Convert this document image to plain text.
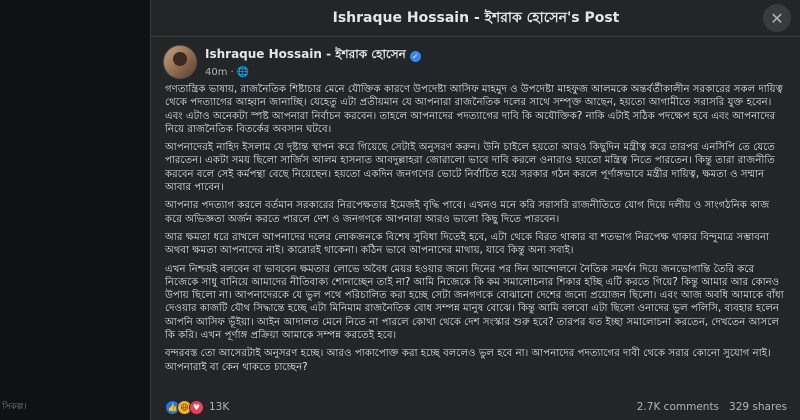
সিকল্প।
Ishraque Hossain - ইশরাক হোসেন's Post	✕
Ishraque Hossain - ইশরাক হোসেন ✓
40m · 🌐

গণতান্ত্রিক ভাষায়, রাজনৈতিক শিষ্টাচার মেনে যৌক্তিক কারণে উপদেষ্টা আসিফ মাহমুদ ও উপদেষ্টা মাহফুজ আলমকে অন্তর্বর্তীকালীন সরকারের সকল দায়িত্ব থেকে পদত্যাগের আহ্বান জানাচ্ছি। যেহেতু এটা প্রতীয়মান যে আপনারা রাজনৈতিক দলের সাথে সম্পৃক্ত আছেন, হয়তো আগামীতে সরাসরি যুক্ত হবেন। এবং এটাও অনেকটা স্পষ্ট আপনারা নির্বাচন করবেন। তাহলে আপনাদের পদত্যাগের দাবি কি অযৌক্তিক? নাকি এটাই সঠিক পদক্ষেপ হবে এবং আপনাদের নিয়ে রাজনৈতিক বিতর্কের অবসান ঘটবে।

আপনাদেরই নাহিদ ইসলাম যে দৃষ্টান্ত স্থাপন করে গিয়েছে সেটাই অনুসরণ করুন। উনি চাইলে হয়তো আরও কিছুদিন মন্ত্রীত্ব করে তারপর এনসিপি তে যেতে পারতেন। একটা সময় ছিলো সার্জিস আলম হাসনাত আবদুল্লাহরা জোরালো ভাবে দাবি করলে ওনারাও হয়তো মন্ত্রিত্ব নিতে পারতেন। কিন্তু তারা রাজনীতি করবেন বলে সেই কর্মপন্থা বেছে নিয়েছেন। হয়তো একদিন জনগণের ভোটে নির্বাচিত হয়ে সরকার গঠন করলে পূর্ণাঙ্গভাবে মন্ত্রীর দায়িত্ব, ক্ষমতা ও সম্মান আবার পাবেন।

আপনার পদত্যাগ করলে বর্তমান সরকারের নিরপেক্ষতার ইমেজই বৃদ্ধি পাবে। এখনও মনে করি সরাসরি রাজনীতিতে যোগ দিয়ে দলীয় ও সাংগঠনিক কাজ করে অভিজ্ঞতা অর্জন করতে পারলে দেশ ও জনগণকে আপনারা আরও ভালো কিছু দিতে পারবেন।

আর ক্ষমতা ধরে রাখলে আপনাদের দলের লোকজনকে বিশেষ সুবিধা দিতেই হবে, এটা থেকে বিরত থাকার বা শতভাগ নিরপেক্ষ থাকার বিন্দুমাত্র সম্ভাবনা অথবা ক্ষমতা আপনাদের নাই। কারোরই থাকেনা। কঠিন ভাবে আপনাদের মাথায়, যাবে কিন্তু অন্য সবাই।

এখন নিশ্চয়ই বলবেন বা ভাববেন ক্ষমতার লোভে অবৈধ মেয়র হওয়ার জন্যে দিনের পর দিন আন্দোলনে নৈতিক সমর্থন দিয়ে জনভোগান্তি তৈরি করে নিজেকে সাধু বানিয়ে আমাদের নীতিবাক্য শোনাচ্ছেন তাই না? আমি নিজেকে কি কম সমালোচনার শিকার হচ্ছি এটি করতে গিয়ে? কিন্তু আমার আর কোনও উপায় ছিলো না। আপনাদেরকে যে ভুল পথে পরিচালিত করা হচ্ছে সেটা জনগণকে বোঝানো দেশের জন্যে প্রয়োজন ছিলো। এবং আজ অবধি আমাকে বাঁধা দেওয়ার কাজটি যৌথ সিদ্ধান্তে হচ্ছে এটা মিনিমাম রাজনৈতিক বোধ সম্পন্ন মানুষ বোঝে। কিন্তু আমি বলবো এটা ছিলো ওনাদের ভুল পলিসি, ব্যবহার হলেন আপনি আসিফ ভূঁইয়া। আইন আদালত মেনে নিতে না পারলে কোথা থেকে দেশ সংস্কার শুরু হবে? তারপর যত ইচ্ছা সমালোচনা করতেন, দেখতেন আসলে কি করি। এখন পূর্ণাঙ্গ প্রক্রিয়া আমাকে সম্পন্ন করতেই হবে।

বন্দরবস্ত তো আসেরটাই অনুসরণ হচ্ছে। আরও পাকাপোক্ত করা হচ্ছে বললেও ভুল হবে না। আপনাদের পদত্যাগের দাবী থেকে সরার কোনো সুযোগ নাই। আপনারাই বা কেন থাকতে চাচ্ছেন?

👍 😆 ♥ 13K	2.7K comments 329 shares
